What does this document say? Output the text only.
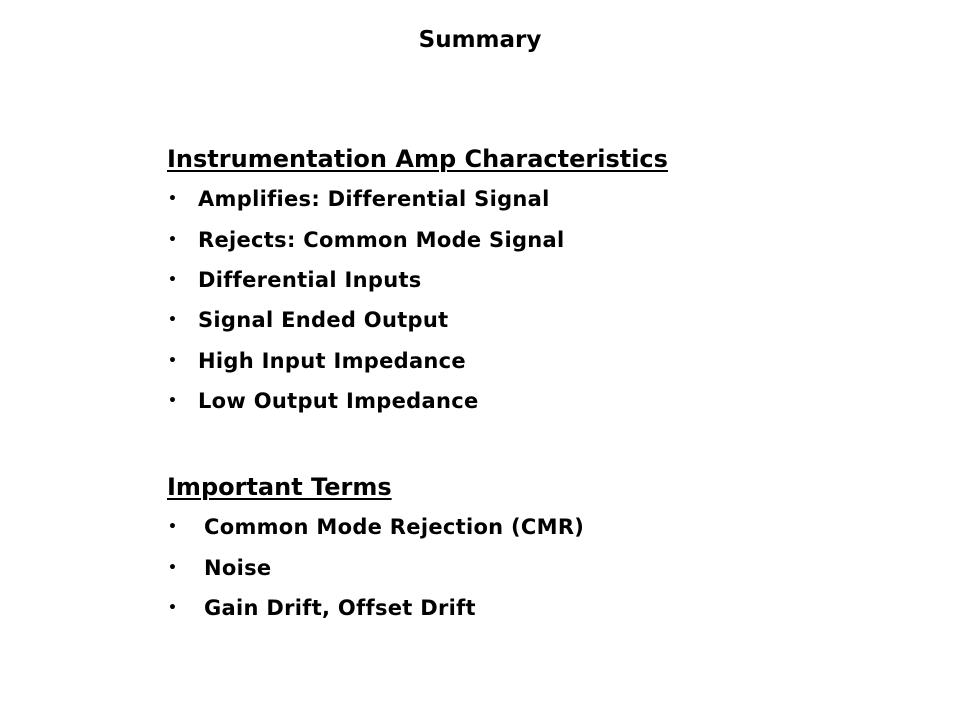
Summary
Instrumentation Amp Characteristics
•	Amplifies: Differential Signal
•	Rejects: Common Mode Signal
•	Differential Inputs
•	Signal Ended Output
•	High Input Impedance
•	Low Output Impedance
Important Terms
•	Common Mode Rejection (CMR)
•	Noise
•	Gain Drift, Offset Drift
